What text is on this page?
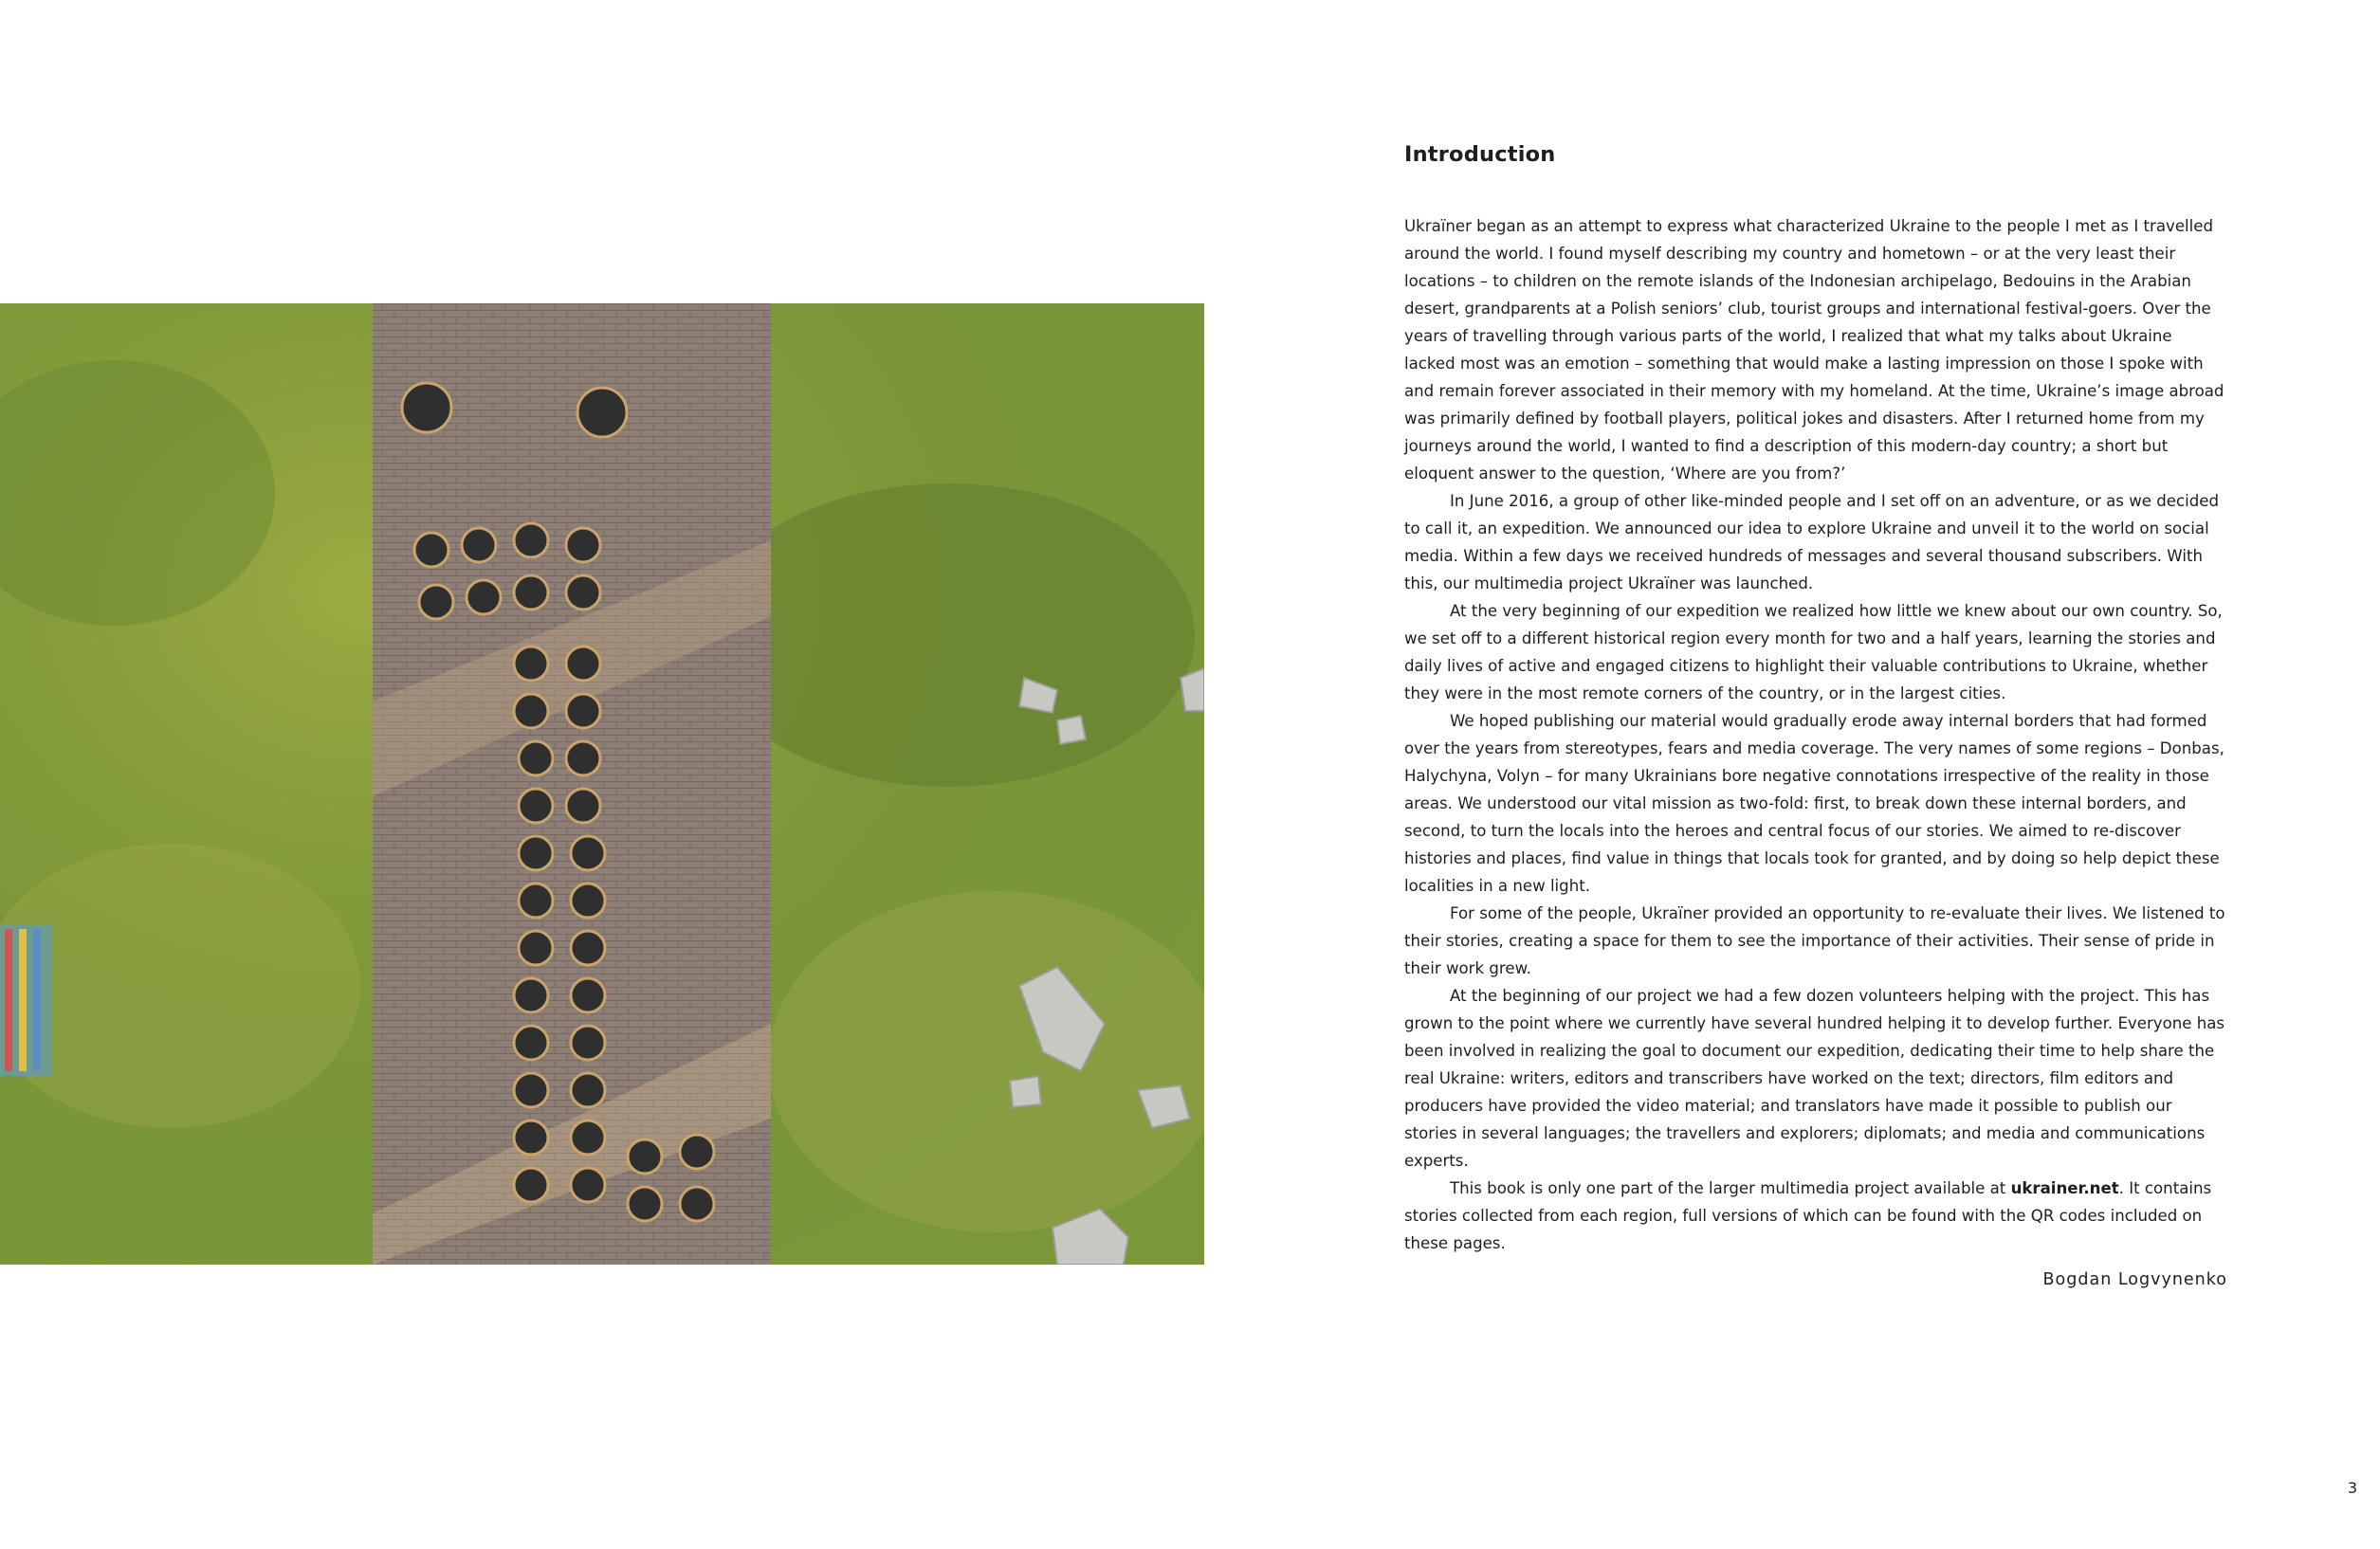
Introduction

Ukraïner began as an attempt to express what characterized Ukraine to the people I met as I travelled around the world. I found myself describing my country and hometown – or at the very least their locations – to children on the remote islands of the Indonesian archipelago, Bedouins in the Arabian desert, grandparents at a Polish seniors’ club, tourist groups and international festival-goers. Over the years of travelling through various parts of the world, I realized that what my talks about Ukraine lacked most was an emotion – something that would make a lasting impression on those I spoke with and remain forever associated in their memory with my homeland. At the time, Ukraine’s image abroad was primarily defined by football players, political jokes and disasters. After I returned home from my journeys around the world, I wanted to find a description of this modern-day country; a short but eloquent answer to the question, ‘Where are you from?’

In June 2016, a group of other like-minded people and I set off on an adventure, or as we decided to call it, an expedition. We announced our idea to explore Ukraine and unveil it to the world on social media. Within a few days we received hundreds of messages and several thousand subscribers. With this, our multimedia project Ukraïner was launched.

At the very beginning of our expedition we realized how little we knew about our own country. So, we set off to a different historical region every month for two and a half years, learning the stories and daily lives of active and engaged citizens to highlight their valuable contributions to Ukraine, whether they were in the most remote corners of the country, or in the largest cities.

We hoped publishing our material would gradually erode away internal borders that had formed over the years from stereotypes, fears and media coverage. The very names of some regions – Donbas, Halychyna, Volyn – for many Ukrainians bore negative connotations irrespective of the reality in those areas. We understood our vital mission as two-fold: first, to break down these internal borders, and second, to turn the locals into the heroes and central focus of our stories. We aimed to re-discover histories and places, find value in things that locals took for granted, and by doing so help depict these localities in a new light.

For some of the people, Ukraïner provided an opportunity to re-evaluate their lives. We listened to their stories, creating a space for them to see the importance of their activities. Their sense of pride in their work grew.

At the beginning of our project we had a few dozen volunteers helping with the project. This has grown to the point where we currently have several hundred helping it to develop further. Everyone has been involved in realizing the goal to document our expedition, dedicating their time to help share the real Ukraine: writers, editors and transcribers have worked on the text; directors, film editors and producers have provided the video material; and translators have made it possible to publish our stories in several languages; the travellers and explorers; diplomats; and media and communications experts.

This book is only one part of the larger multimedia project available at ukrainer.net. It contains stories collected from each region, full versions of which can be found with the QR codes included on these pages.

Bogdan Logvynenko
3
